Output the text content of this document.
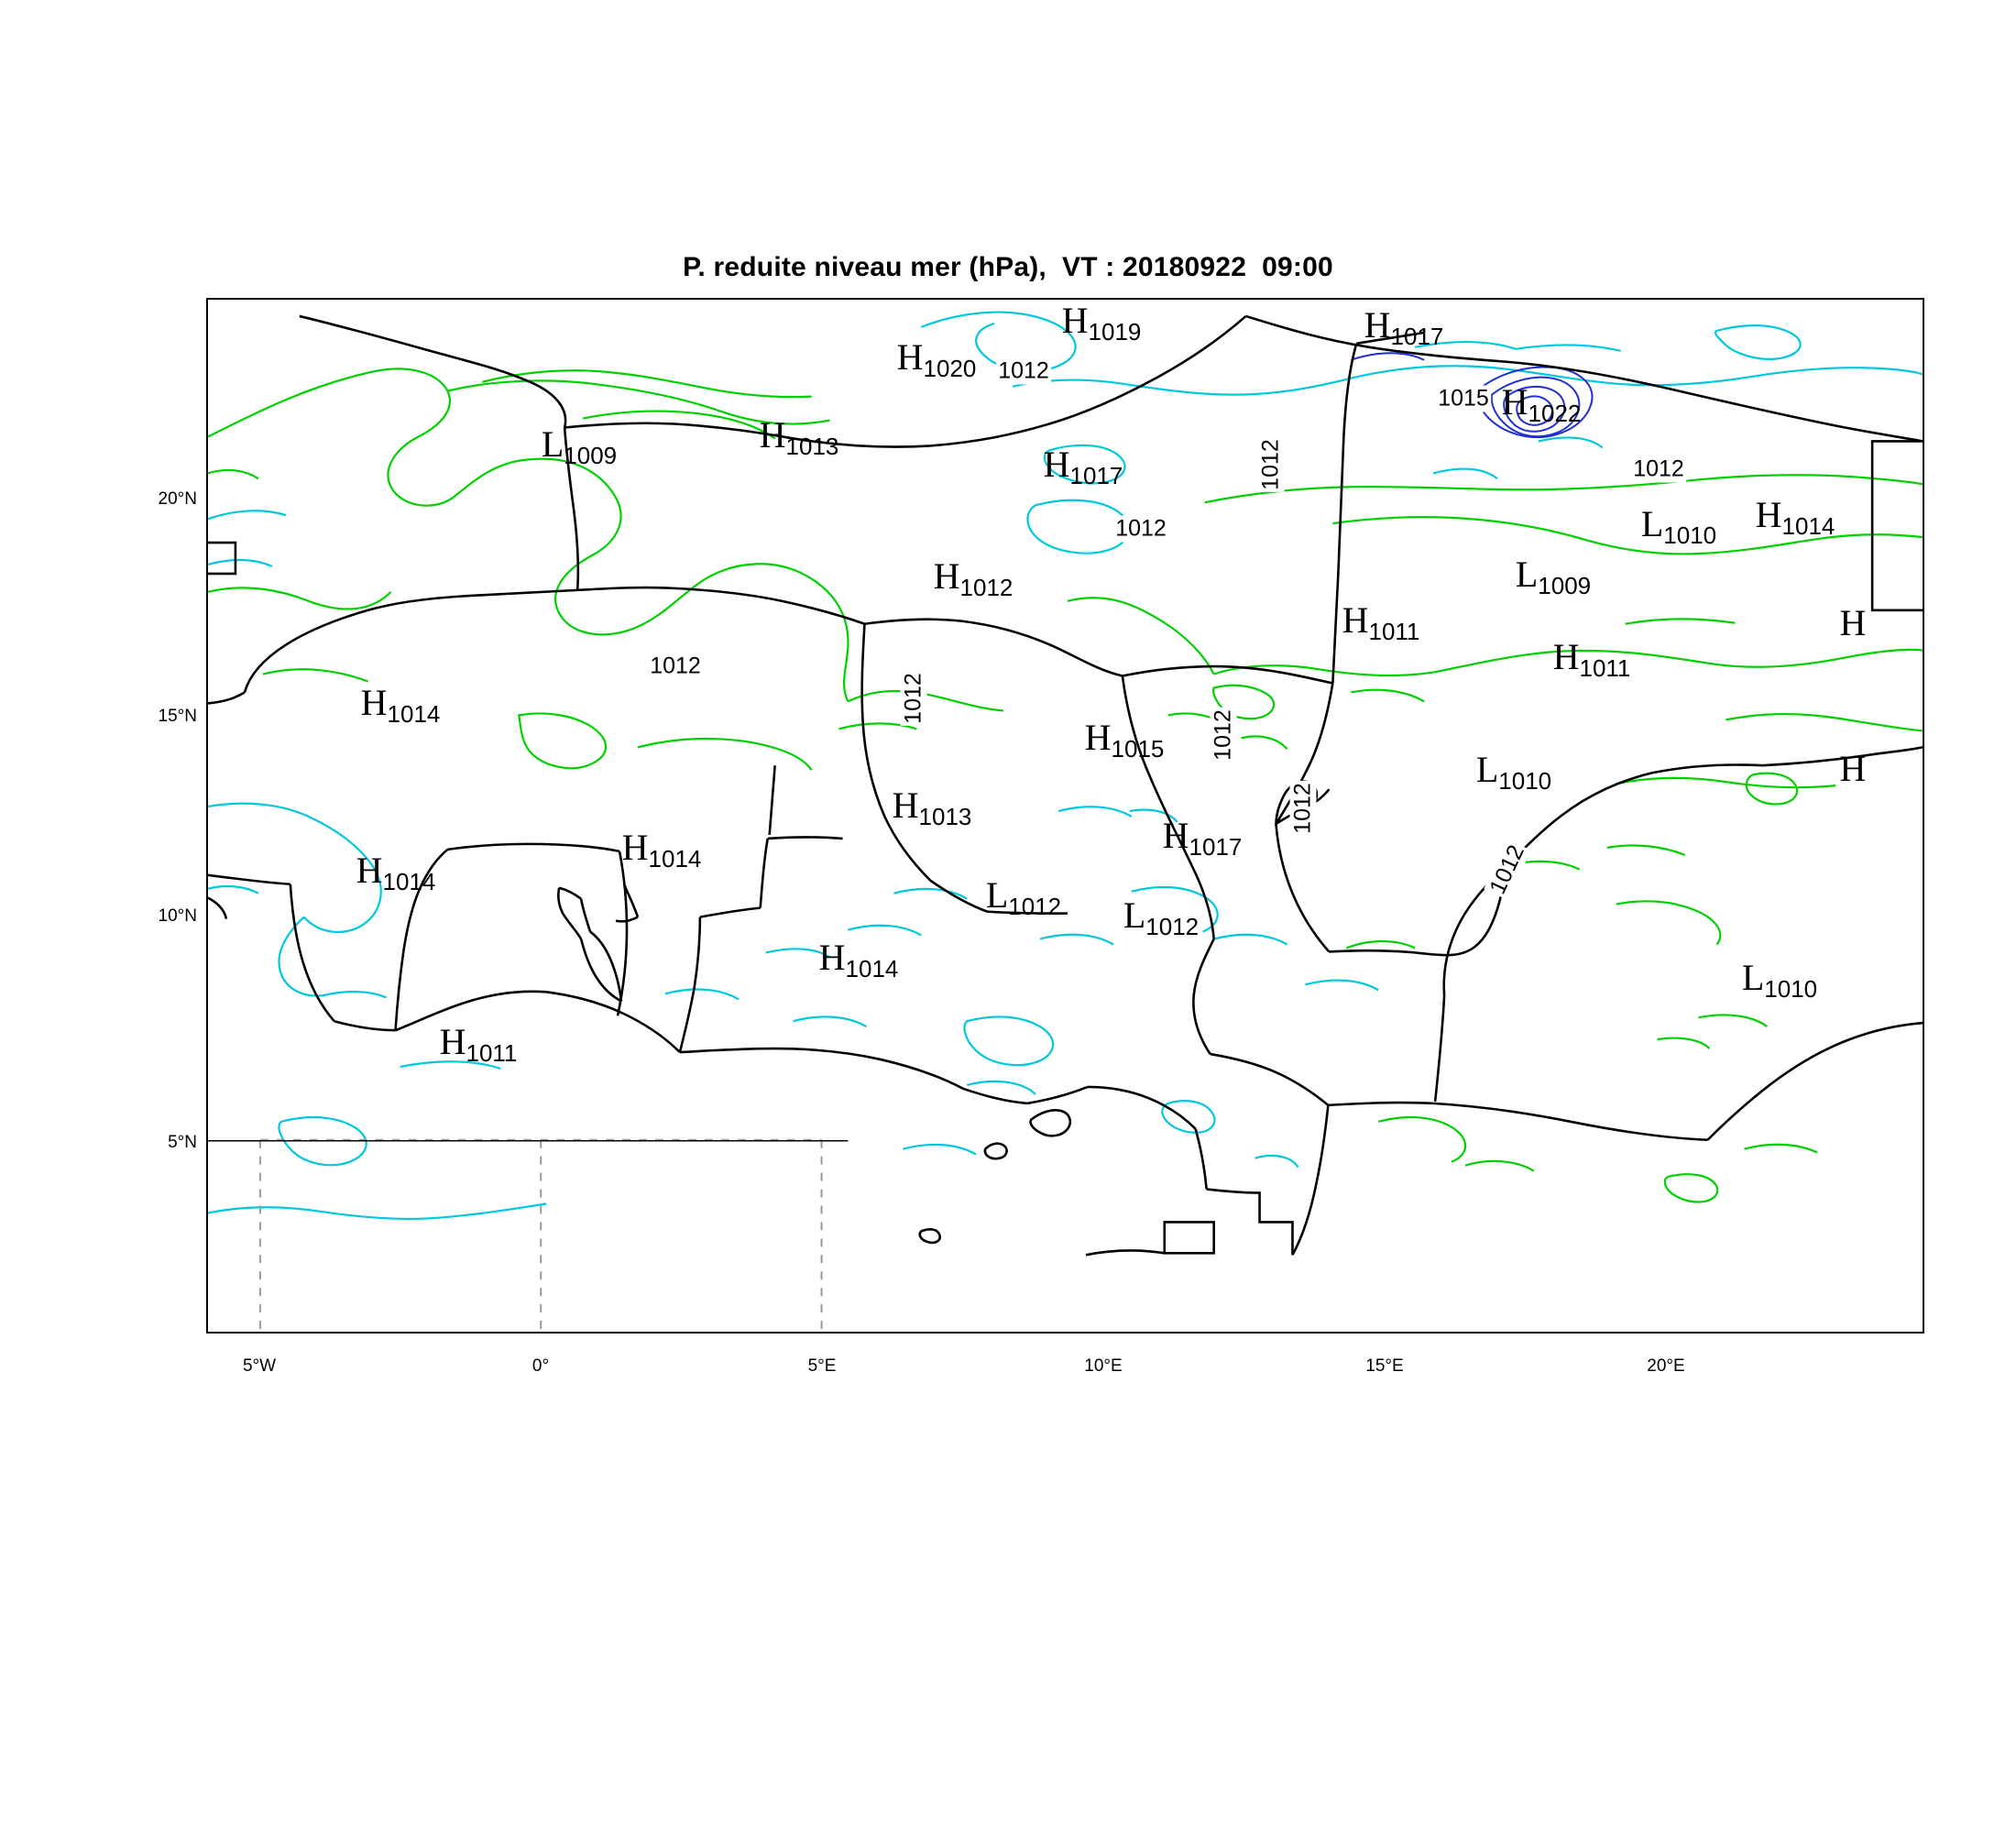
P. reduite niveau mer (hPa),  VT : 20180922  09:00
20°N
15°N
10°N
5°N
5°W	0°	5°E	10°E	15°E	20°E
1012
1012
1012
1015
1012
1012
1012
1012
1012
1012
H1019	H1017
H1020
H1022
L1009	H1013	H1017
L1010 H1014
L1009
H1012
H1011
H1011
H
H1014
H1015	H
L1010
H1013	H1017
H1014
H1014	L1012 L1012
H1014	L1010
H1011
